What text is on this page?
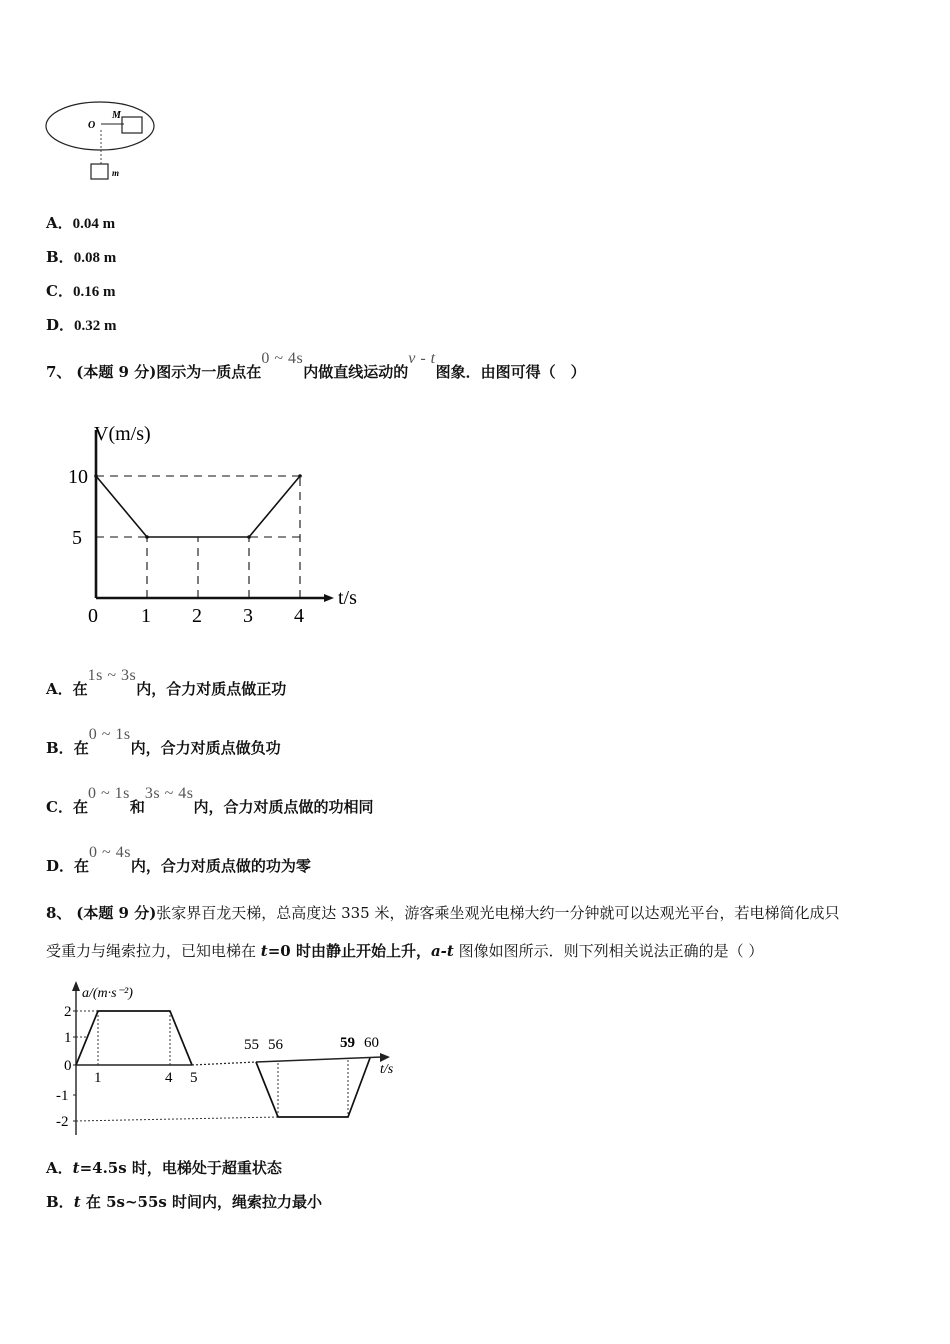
O
M
m
A．0.04 m
B．0.08 m
C．0.16 m
D．0.32 m
7、 (本题 9 分)图示为一质点在0 ~ 4s内做直线运动的v - t图象．由图可得（　）
V(m/s)
t/s
5
10
0 1 2 3 4
A．在1s ~ 3s内，合力对质点做正功
B．在0 ~ 1s内，合力对质点做负功
C．在0 ~ 1s和3s ~ 4s内，合力对质点做的功相同
D．在0 ~ 4s内，合力对质点做的功为零
8、 (本题 9 分)张家界百龙天梯，总高度达 335 米，游客乘坐观光电梯大约一分钟就可以达观光平台，若电梯简化成只
受重力与绳索拉力，已知电梯在 t=0 时由静止开始上升，a-t 图像如图所示．则下列相关说法正确的是（ ）
a/(m·s⁻²)
t/s
2
1
0
-1
-2
1	4 5
55 56	59 60
A．t=4.5s 时，电梯处于超重状态
B．t 在 5s~55s 时间内，绳索拉力最小
